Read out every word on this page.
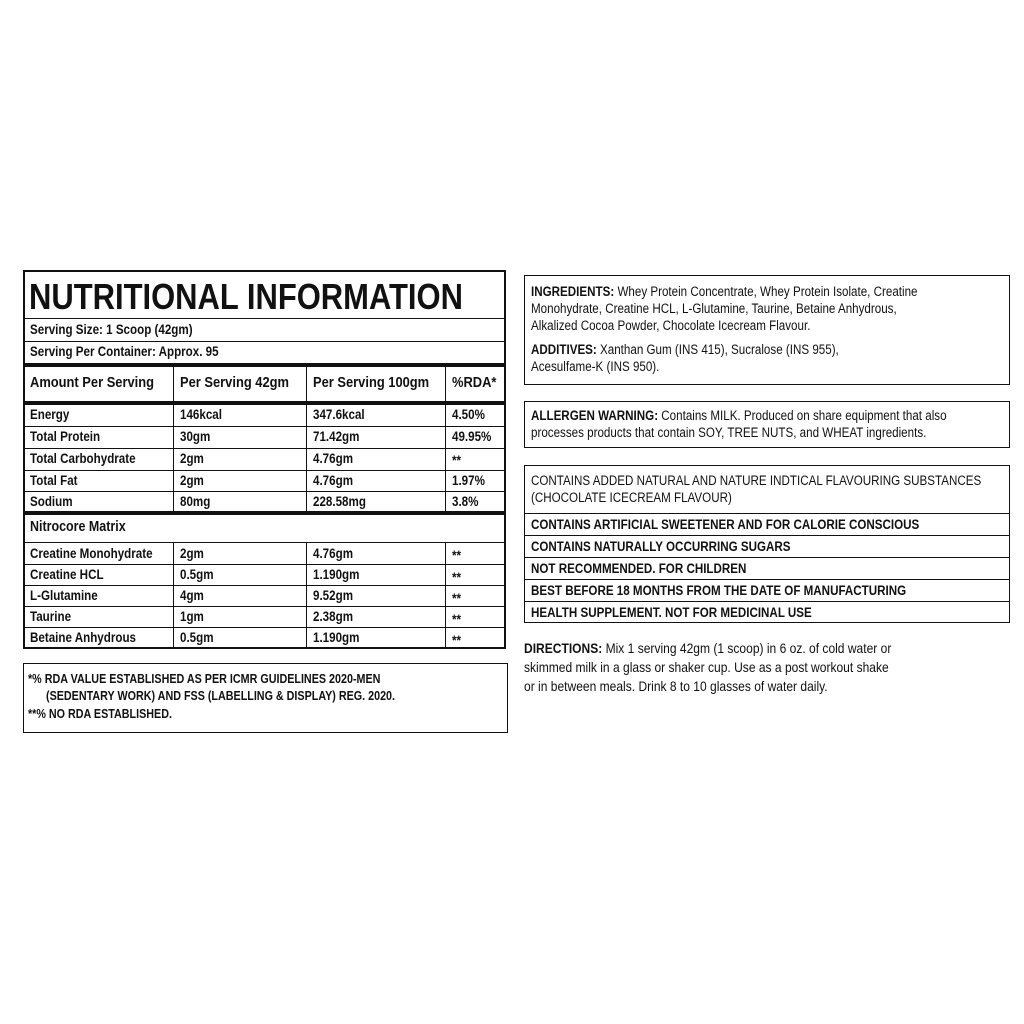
NUTRITIONAL INFORMATION
Serving Size: 1 Scoop (42gm)
Serving Per Container: Approx. 95
Amount Per Serving	Per Serving 42gm	Per Serving 100gm	%RDA*
Energy	146kcal	347.6kcal	4.50%
Total Protein	30gm	71.42gm	49.95%
Total Carbohydrate	2gm	4.76gm	**
Total Fat	2gm	4.76gm	1.97%
Sodium	80mg	228.58mg	3.8%
Nitrocore Matrix
Creatine Monohydrate	2gm	4.76gm	**
Creatine HCL	0.5gm	1.190gm	**
L-Glutamine	4gm	9.52gm	**
Taurine	1gm	2.38gm	**
Betaine Anhydrous	0.5gm	1.190gm	**
*% RDA VALUE ESTABLISHED AS PER ICMR GUIDELINES 2020-MEN
(SEDENTARY WORK) AND FSS (LABELLING & DISPLAY) REG. 2020.
**% NO RDA ESTABLISHED.
INGREDIENTS: Whey Protein Concentrate, Whey Protein Isolate, Creatine
Monohydrate, Creatine HCL, L-Glutamine, Taurine, Betaine Anhydrous,
Alkalized Cocoa Powder, Chocolate Icecream Flavour.
ADDITIVES: Xanthan Gum (INS 415), Sucralose (INS 955),
Acesulfame-K (INS 950).
ALLERGEN WARNING: Contains MILK. Produced on share equipment that also
processes products that contain SOY, TREE NUTS, and WHEAT ingredients.
CONTAINS ADDED NATURAL AND NATURE INDTICAL FLAVOURING SUBSTANCES
(CHOCOLATE ICECREAM FLAVOUR)
CONTAINS ARTIFICIAL SWEETENER AND FOR CALORIE CONSCIOUS
CONTAINS NATURALLY OCCURRING SUGARS
NOT RECOMMENDED. FOR CHILDREN
BEST BEFORE 18 MONTHS FROM THE DATE OF MANUFACTURING
HEALTH SUPPLEMENT. NOT FOR MEDICINAL USE
DIRECTIONS: Mix 1 serving 42gm (1 scoop) in 6 oz. of cold water or
skimmed milk in a glass or shaker cup. Use as a post workout shake
or in between meals. Drink 8 to 10 glasses of water daily.
